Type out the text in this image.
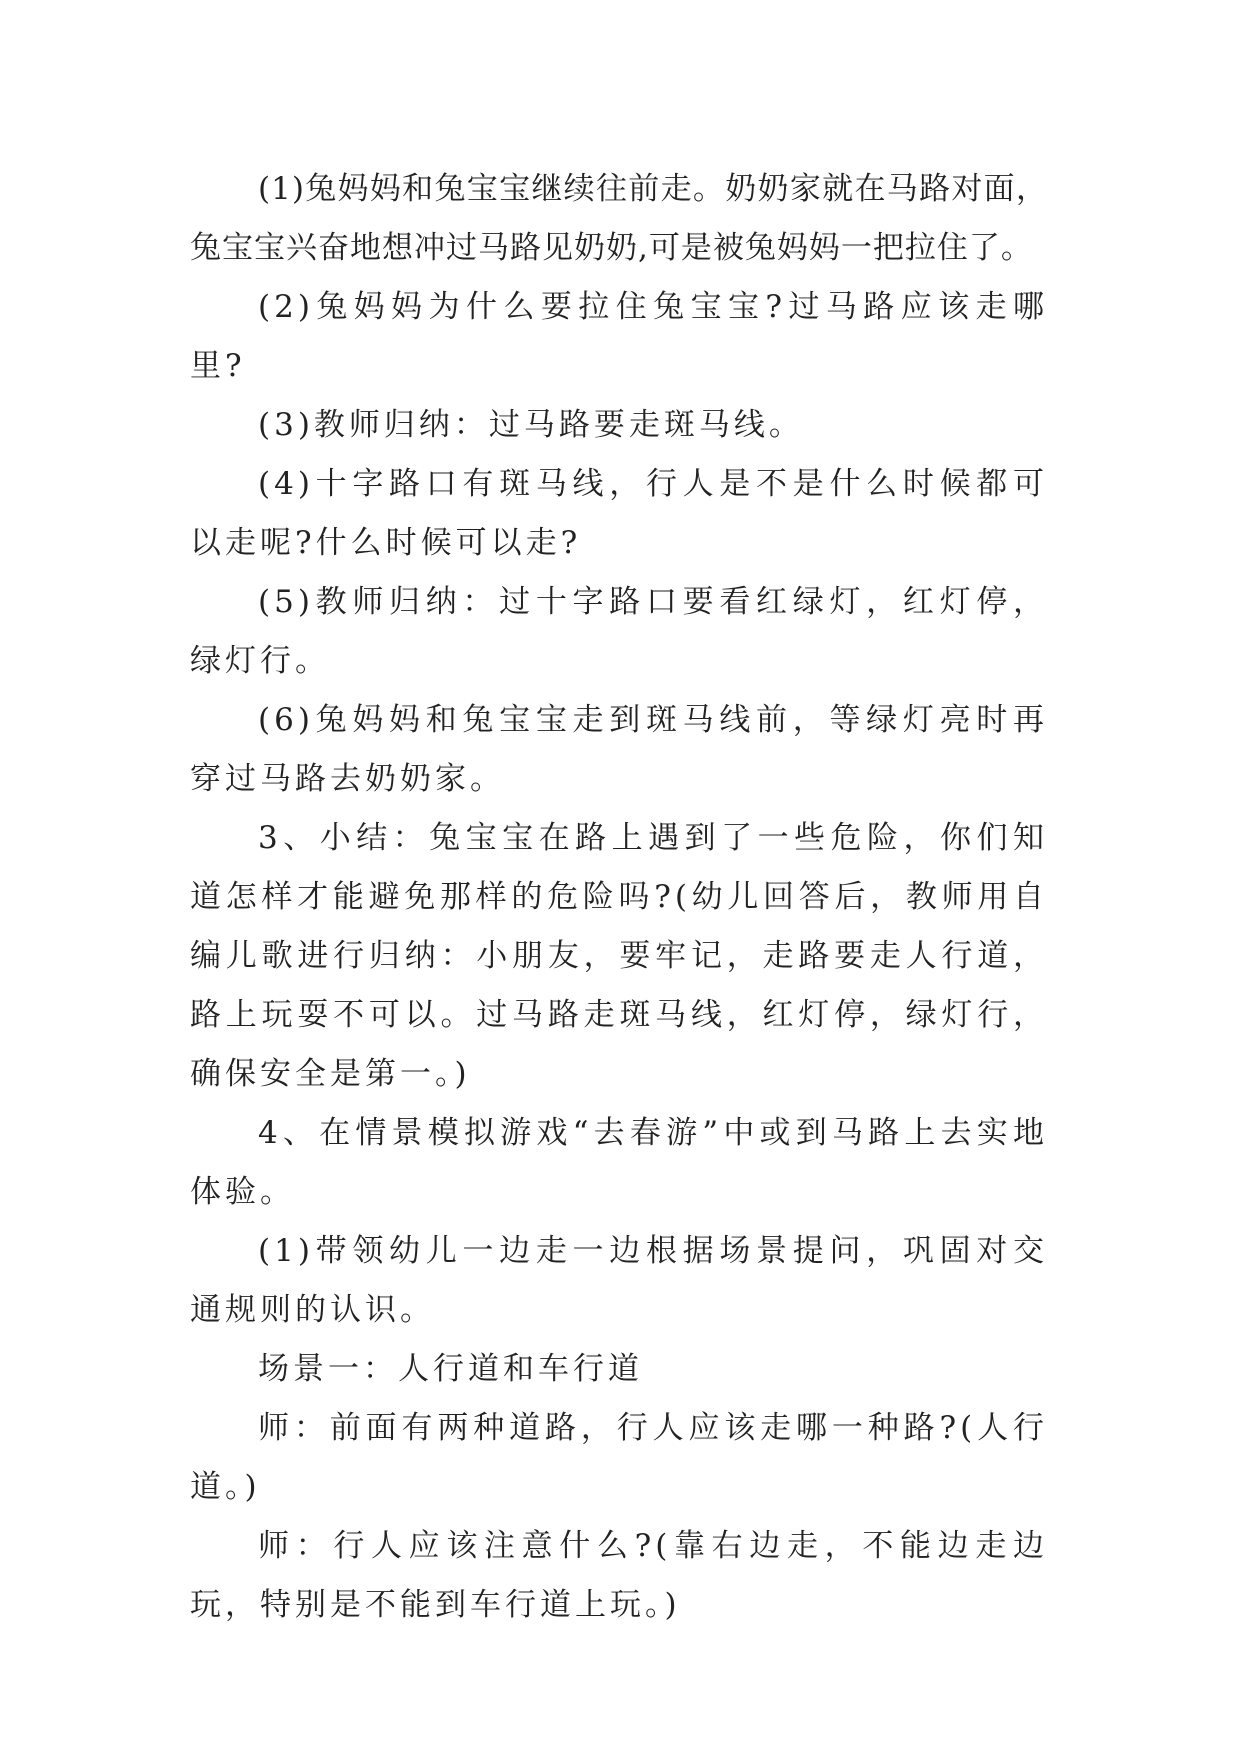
(1)兔妈妈和兔宝宝继续往前走。奶奶家就在马路对面，兔宝宝兴奋地想冲过马路见奶奶,可是被兔妈妈一把拉住了。

(2)兔妈妈为什么要拉住兔宝宝?过马路应该走哪里?

(3)教师归纳：过马路要走斑马线。

(4)十字路口有斑马线，行人是不是什么时候都可以走呢?什么时候可以走?

(5)教师归纳：过十字路口要看红绿灯，红灯停，绿灯行。

(6)兔妈妈和兔宝宝走到斑马线前，等绿灯亮时再穿过马路去奶奶家。

3、小结：兔宝宝在路上遇到了一些危险，你们知道怎样才能避免那样的危险吗?(幼儿回答后，教师用自编儿歌进行归纳：小朋友，要牢记，走路要走人行道，路上玩耍不可以。过马路走斑马线，红灯停，绿灯行，确保安全是第一。)

4、在情景模拟游戏“去春游”中或到马路上去实地体验。

(1)带领幼儿一边走一边根据场景提问，巩固对交通规则的认识。

场景一：人行道和车行道

师：前面有两种道路，行人应该走哪一种路?(人行道。)

师：行人应该注意什么?(靠右边走，不能边走边玩，特别是不能到车行道上玩。)
